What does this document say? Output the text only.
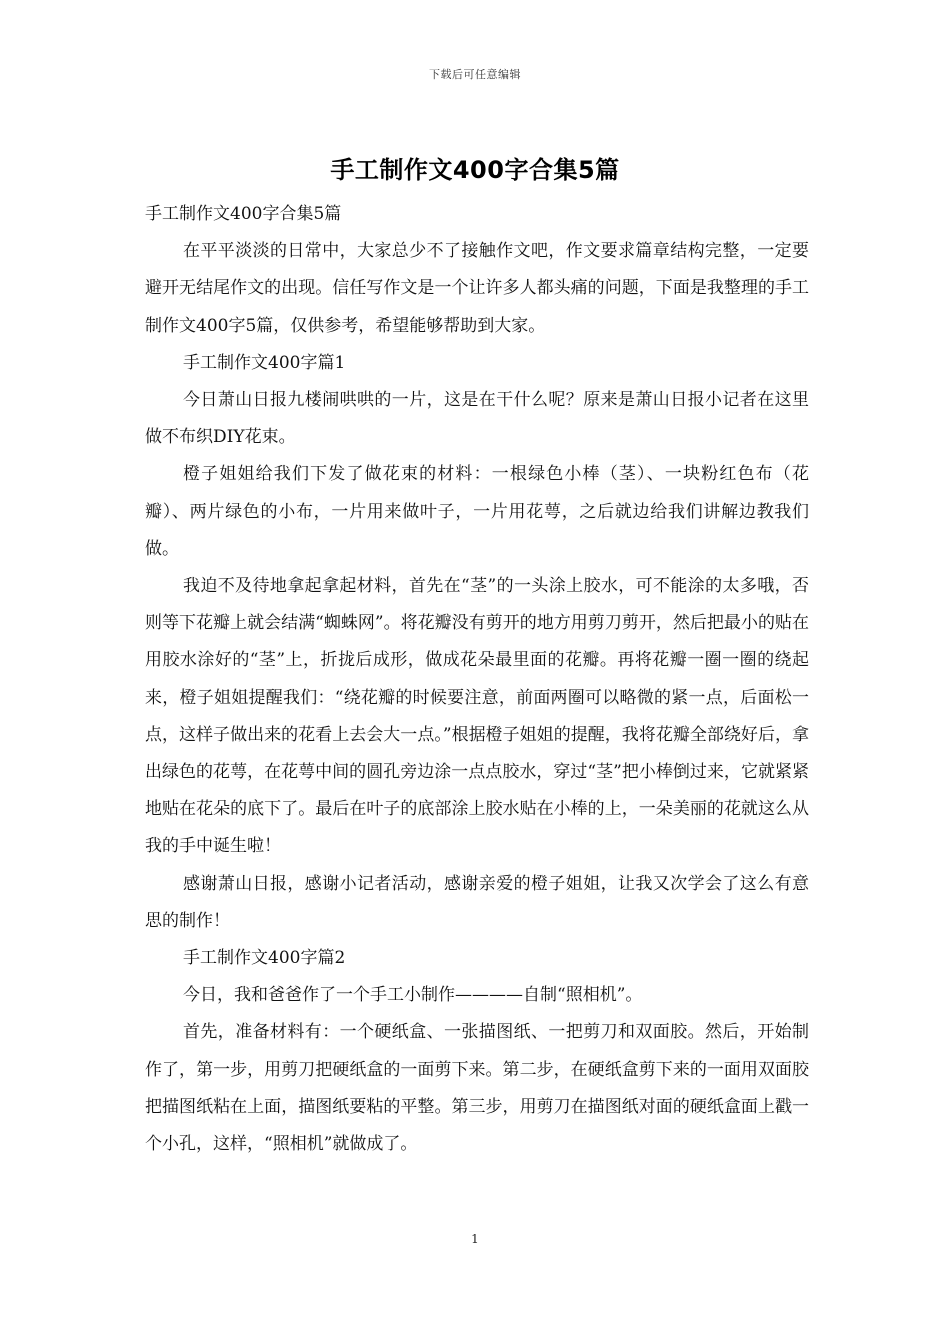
下载后可任意编辑
手工制作文400字合集5篇

手工制作文400字合集5篇

在平平淡淡的日常中，大家总少不了接触作文吧，作文要求篇章结构完整，一定要避开无结尾作文的出现。信任写作文是一个让许多人都头痛的问题，下面是我整理的手工制作文400字5篇，仅供参考，希望能够帮助到大家。

手工制作文400字篇1

今日萧山日报九楼闹哄哄的一片，这是在干什么呢？原来是萧山日报小记者在这里做不布织DIY花束。

橙子姐姐给我们下发了做花束的材料：一根绿色小棒（茎）、一块粉红色布（花瓣）、两片绿色的小布，一片用来做叶子，一片用花萼，之后就边给我们讲解边教我们做。

我迫不及待地拿起拿起材料，首先在“茎”的一头涂上胶水，可不能涂的太多哦，否则等下花瓣上就会结满“蜘蛛网”。将花瓣没有剪开的地方用剪刀剪开，然后把最小的贴在用胶水涂好的“茎”上，折拢后成形，做成花朵最里面的花瓣。再将花瓣一圈一圈的绕起来，橙子姐姐提醒我们：“绕花瓣的时候要注意，前面两圈可以略微的紧一点，后面松一点，这样子做出来的花看上去会大一点。”根据橙子姐姐的提醒，我将花瓣全部绕好后，拿出绿色的花萼，在花萼中间的圆孔旁边涂一点点胶水，穿过“茎”把小棒倒过来，它就紧紧地贴在花朵的底下了。最后在叶子的底部涂上胶水贴在小棒的上，一朵美丽的花就这么从我的手中诞生啦！

感谢萧山日报，感谢小记者活动，感谢亲爱的橙子姐姐，让我又次学会了这么有意思的制作！

手工制作文400字篇2

今日，我和爸爸作了一个手工小制作————自制“照相机”。

首先，准备材料有：一个硬纸盒、一张描图纸、一把剪刀和双面胶。然后，开始制作了，第一步，用剪刀把硬纸盒的一面剪下来。第二步，在硬纸盒剪下来的一面用双面胶把描图纸粘在上面，描图纸要粘的平整。第三步，用剪刀在描图纸对面的硬纸盒面上戳一个小孔，这样，“照相机”就做成了。

1
